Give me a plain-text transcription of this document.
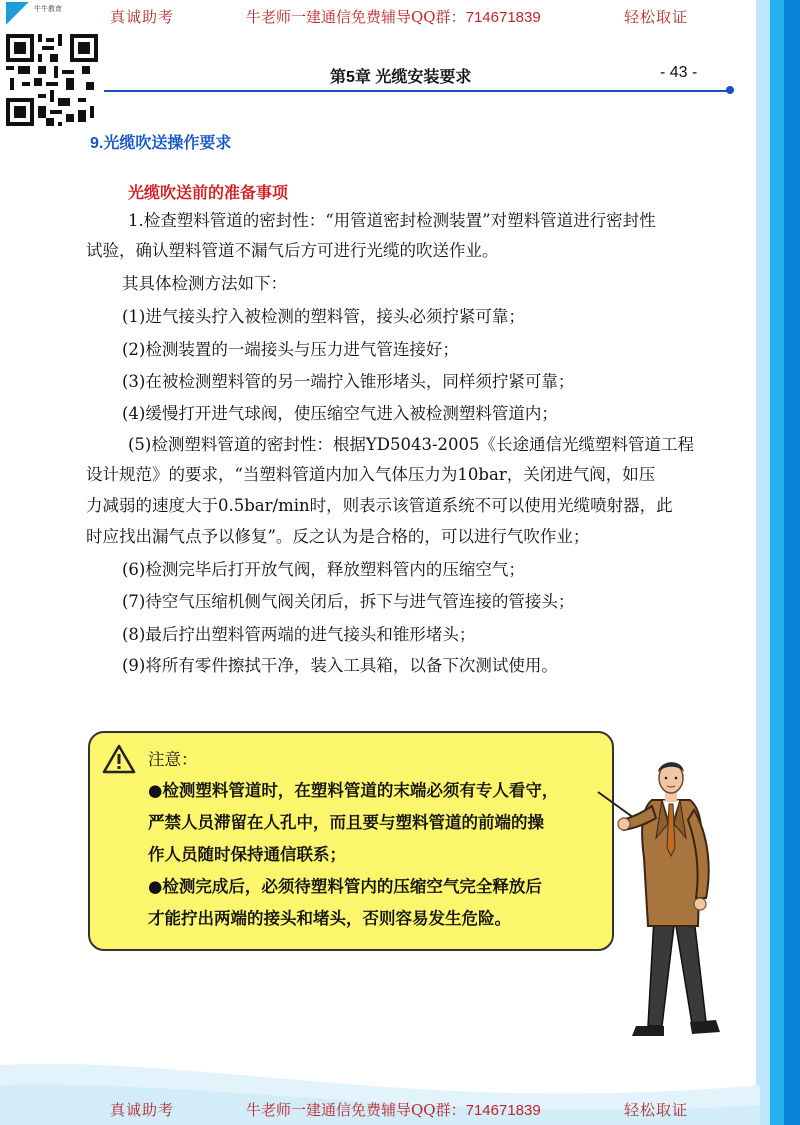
牛牛教育	真诚助考	牛老师一建通信免费辅导QQ群：714671839	轻松取证
第5章 光缆安装要求	- 43 -
9.光缆吹送操作要求
光缆吹送前的准备事项
1.检查塑料管道的密封性：“用管道密封检测装置”对塑料管道进行密封性
试验，确认塑料管道不漏气后方可进行光缆的吹送作业。
其具体检测方法如下：
(1)进气接头拧入被检测的塑料管，接头必须拧紧可靠；
(2)检测装置的一端接头与压力进气管连接好；
(3)在被检测塑料管的另一端拧入锥形堵头，同样须拧紧可靠；
(4)缓慢打开进气球阀，使压缩空气进入被检测塑料管道内；
(5)检测塑料管道的密封性：根据YD5043-2005《长途通信光缆塑料管道工程
设计规范》的要求，“当塑料管道内加入气体压力为10bar，关闭进气阀，如压
力减弱的速度大于0.5bar/min时，则表示该管道系统不可以使用光缆喷射器，此
时应找出漏气点予以修复”。反之认为是合格的，可以进行气吹作业；
(6)检测完毕后打开放气阀，释放塑料管内的压缩空气；
(7)待空气压缩机侧气阀关闭后，拆下与进气管连接的管接头；
(8)最后拧出塑料管两端的进气接头和锥形堵头；
(9)将所有零件擦拭干净，装入工具箱，以备下次测试使用。
注意：
●检测塑料管道时，在塑料管道的末端必须有专人看守，
严禁人员滞留在人孔中，而且要与塑料管道的前端的操
作人员随时保持通信联系；
●检测完成后，必须待塑料管内的压缩空气完全释放后
才能拧出两端的接头和堵头，否则容易发生危险。
真诚助考	牛老师一建通信免费辅导QQ群：714671839	轻松取证
